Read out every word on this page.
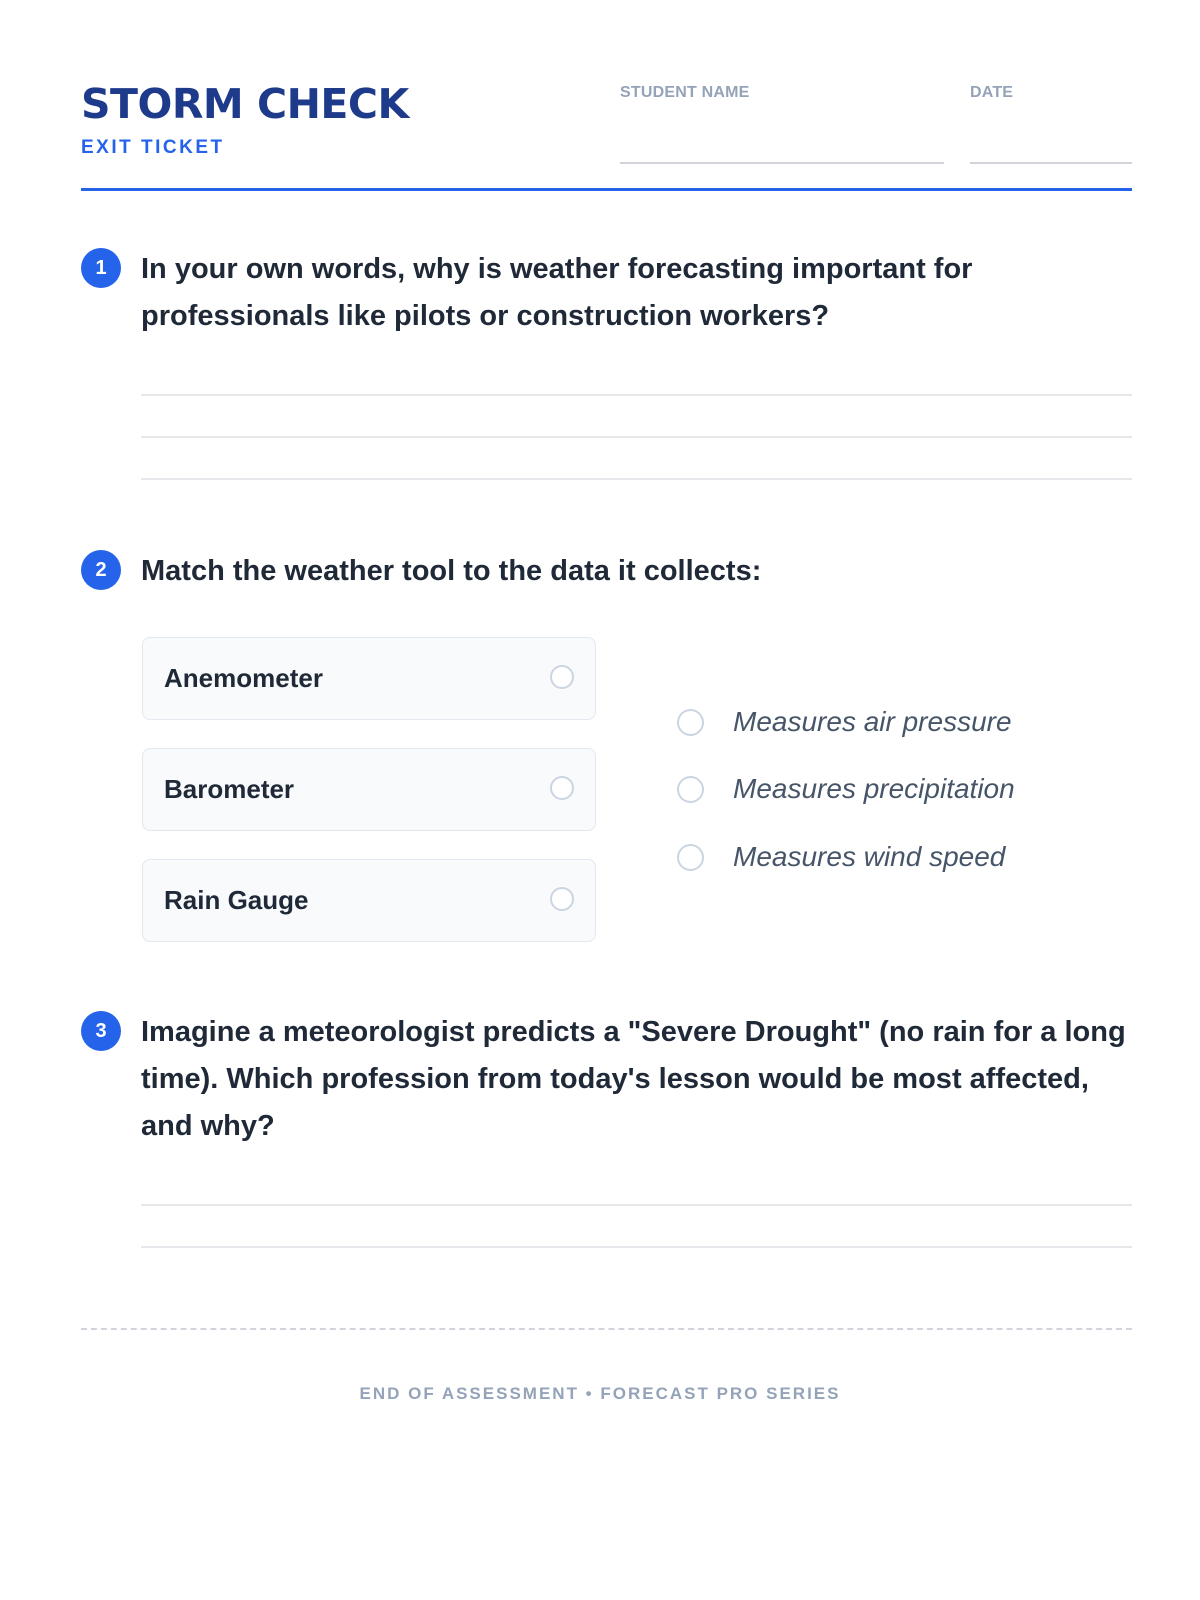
STORM CHECK
EXIT TICKET
STUDENT NAME	DATE
1	In your own words, why is weather forecasting important for professionals like pilots or construction workers?

2	Match the weather tool to the data it collects:

Anemometer
Barometer
Rain Gauge
Measures air pressure
Measures precipitation
Measures wind speed
3	Imagine a meteorologist predicts a "Severe Drought" (no rain for a long time). Which profession from today's lesson would be most affected, and why?

END OF ASSESSMENT • FORECAST PRO SERIES
